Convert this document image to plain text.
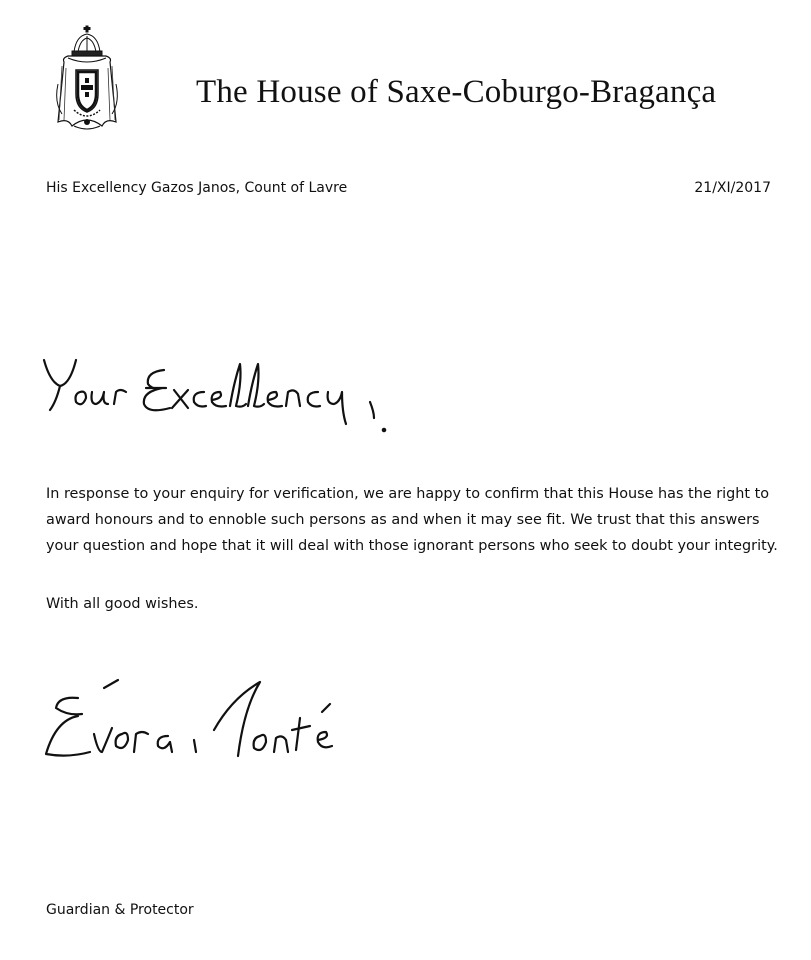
The House of Saxe-Coburgo-Bragança
His Excellency Gazos Janos, Count of Lavre	21/XI/2017
In response to your enquiry for verification, we are happy to confirm that this House has the right to award honours and to ennoble such persons as and when it may see fit. We trust that this answers your question and hope that it will deal with those ignorant persons who seek to doubt your integrity.
With all good wishes.
Guardian & Protector
